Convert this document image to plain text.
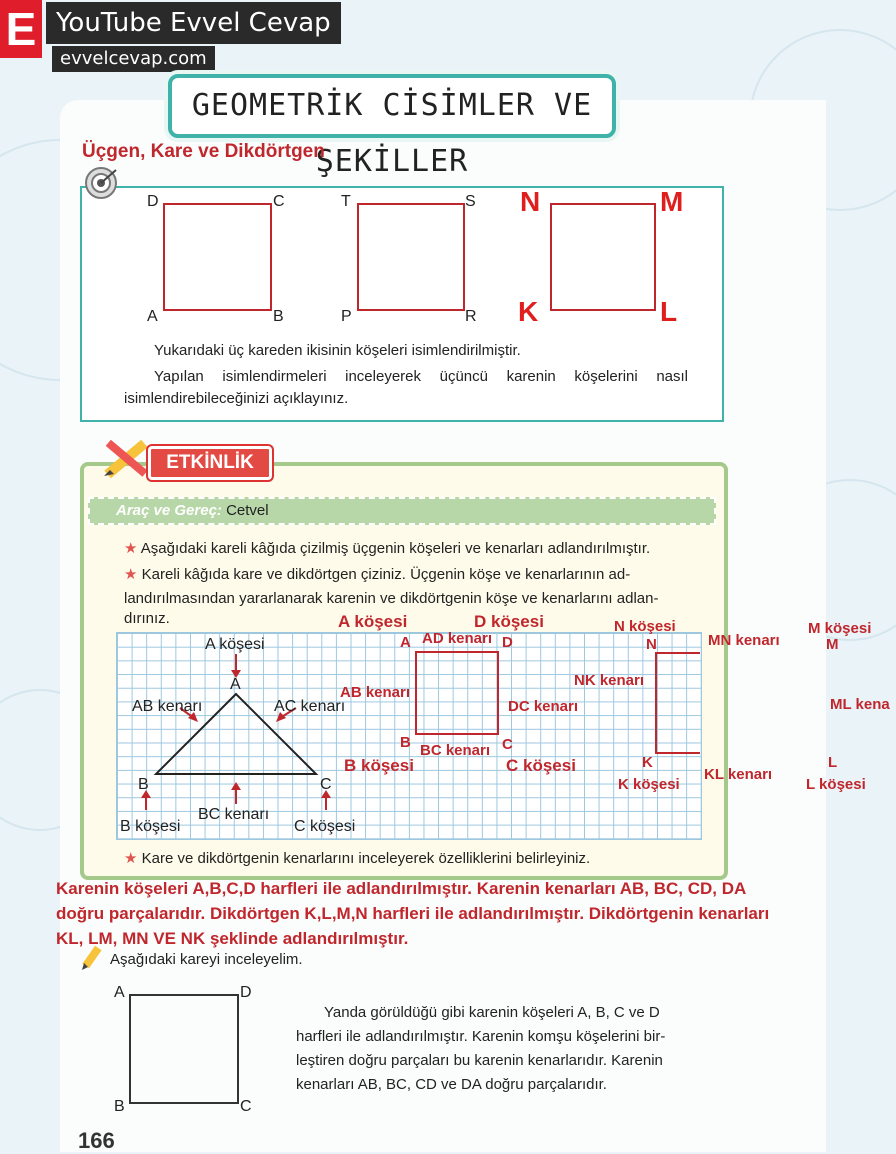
E YouTube Evvel Cevap
evvelcevap.com
GEOMETRİK CİSİMLER VE ŞEKİLLER
Üçgen, Kare ve Dikdörtgen
D	C
A	B
T	S
P	R
N	M
K	L
Yukarıdaki üç kareden ikisinin köşeleri isimlendirilmiştir.
Yapılan isimlendirmeleri inceleyerek üçüncü karenin köşelerini nasıl
isimlendirebileceğinizi açıklayınız.
ETKİNLİK
Araç ve Gereç: Cetvel
★ Aşağıdaki kareli kâğıda çizilmiş üçgenin köşeleri ve kenarları adlandırılmıştır.
★ Kareli kâğıda kare ve dikdörtgen çiziniz. Üçgenin köşe ve kenarlarının ad-
landırılmasından yararlanarak karenin ve dikdörtgenin köşe ve kenarlarını adlan-
dırınız.
A köşesi
A
AB kenarı	AC kenarı
B	C
B köşesi
BC kenarı
C köşesi
A köşesi	D köşesi
A AD kenarı D
AB kenarı
DC kenarı
B BC kenarı C
B köşesi	C köşesi
N köşesi
N	MN kenarı
M köşesi
M
NK kenarı
ML kena
K	L
KL kenarı
K köşesi	L köşesi
★ Kare ve dikdörtgenin kenarlarını inceleyerek özelliklerini belirleyiniz.
Karenin köşeleri A,B,C,D harfleri ile adlandırılmıştır. Karenin kenarları AB, BC, CD, DA
doğru parçalarıdır. Dikdörtgen K,L,M,N harfleri ile adlandırılmıştır. Dikdörtgenin kenarları
KL, LM, MN VE NK şeklinde adlandırılmıştır.
Aşağıdaki kareyi inceleyelim.
A	D
B	C
Yanda görüldüğü gibi karenin köşeleri A, B, C ve D
harfleri ile adlandırılmıştır. Karenin komşu köşelerini bir-
leştiren doğru parçaları bu karenin kenarlarıdır. Karenin
kenarları AB, BC, CD ve DA doğru parçalarıdır.
166
